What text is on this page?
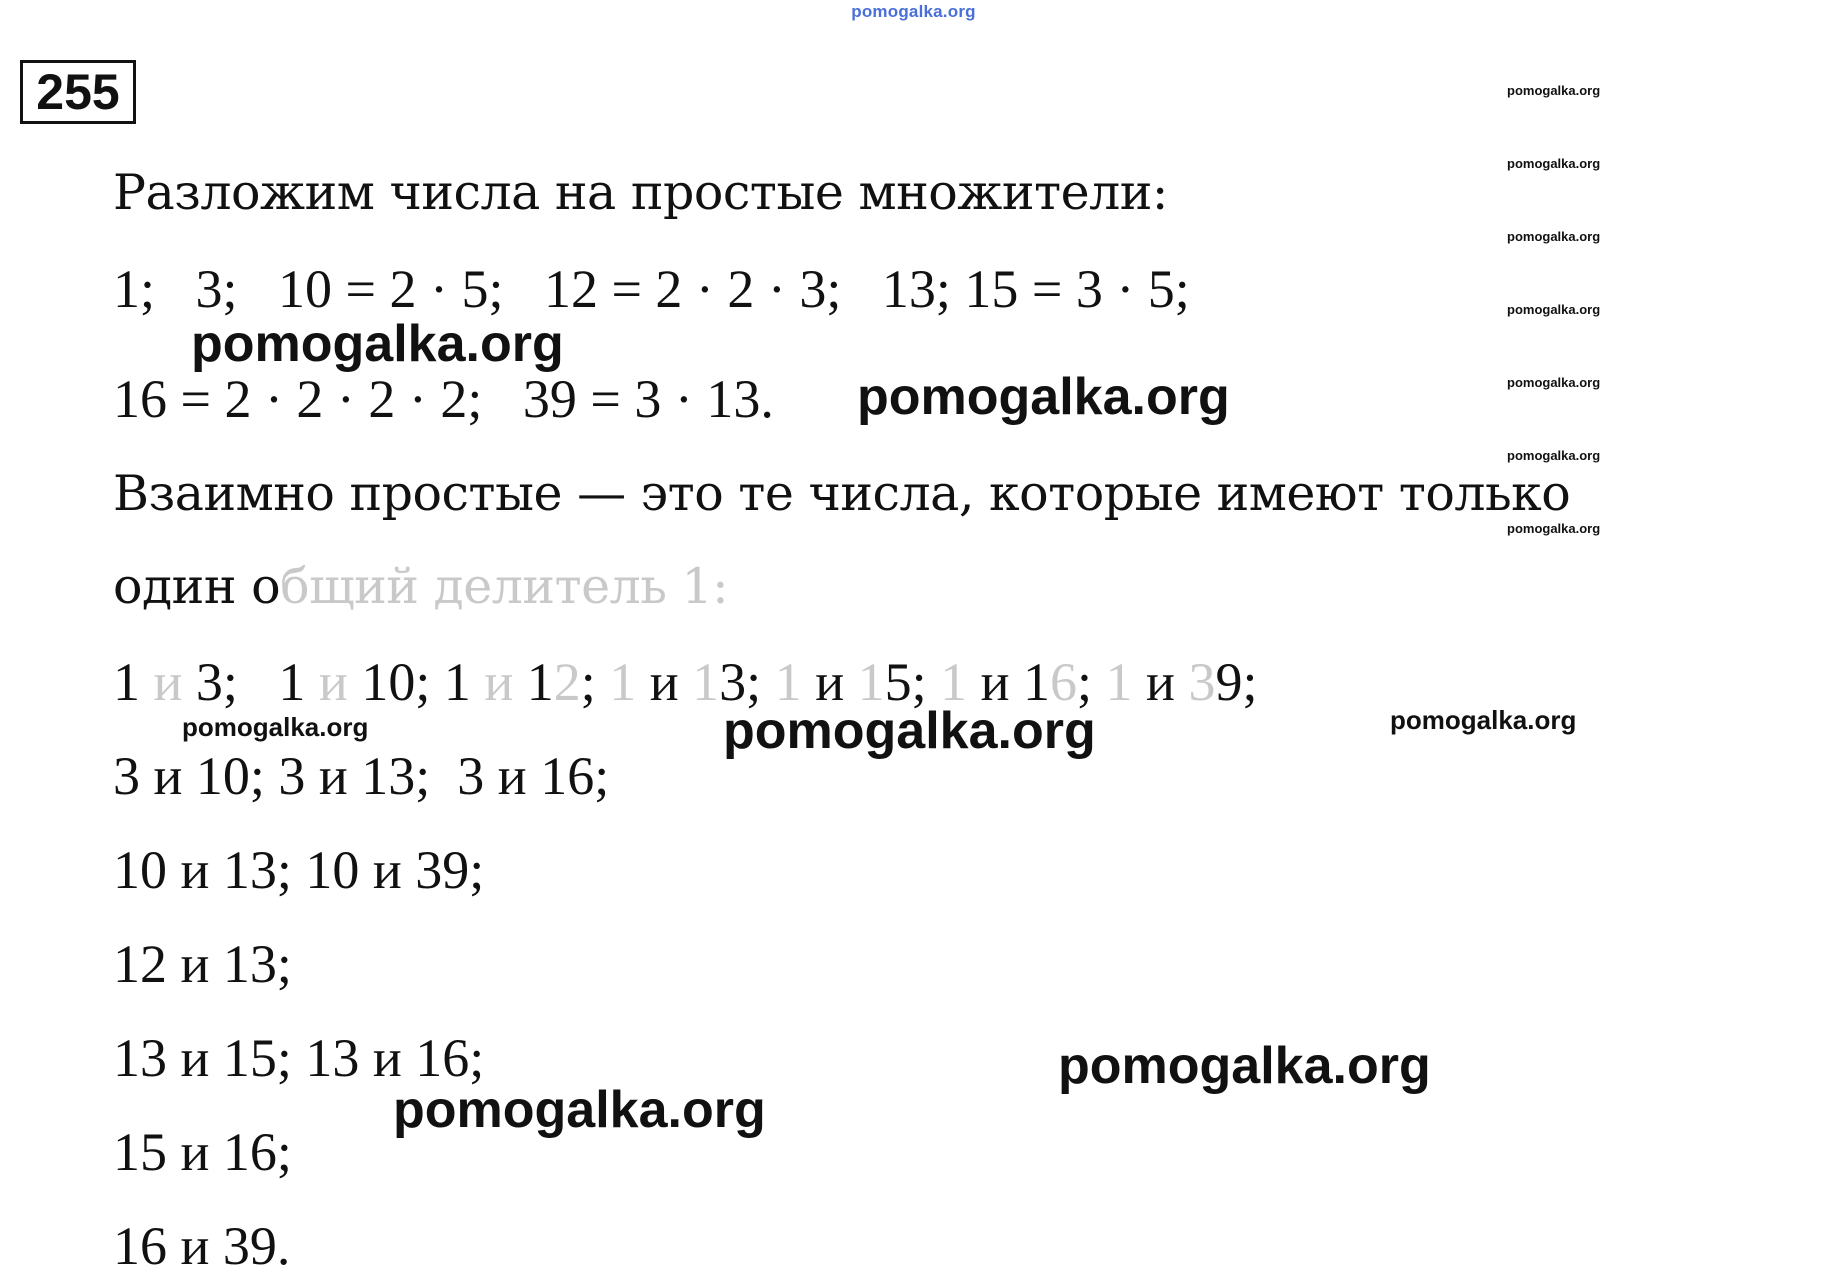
pomogalka.org
255	pomogalka.org
pomogalka.org
pomogalka.org
pomogalka.org
pomogalka.org
pomogalka.org
pomogalka.org
Разложим числа на простые множители:
1;   3;   10 = 2 · 5;   12 = 2 · 2 · 3;   13; 15 = 3 · 5;
pomogalka.org
16 = 2 · 2 · 2 · 2;   39 = 3 · 13. pomogalka.org
Взаимно простые — это те числа, которые имеют только
один общий делитель 1:
1 и 3;   1 и 10; 1 и 12; 1 и 13; 1 и 15; 1 и 16; 1 и 39;
pomogalka.org	pomogalka.org	pomogalka.org
3 и 10; 3 и 13;  3 и 16;
10 и 13; 10 и 39;
12 и 13;
13 и 15; 13 и 16;	pomogalka.org
pomogalka.org
15 и 16;
16 и 39.
